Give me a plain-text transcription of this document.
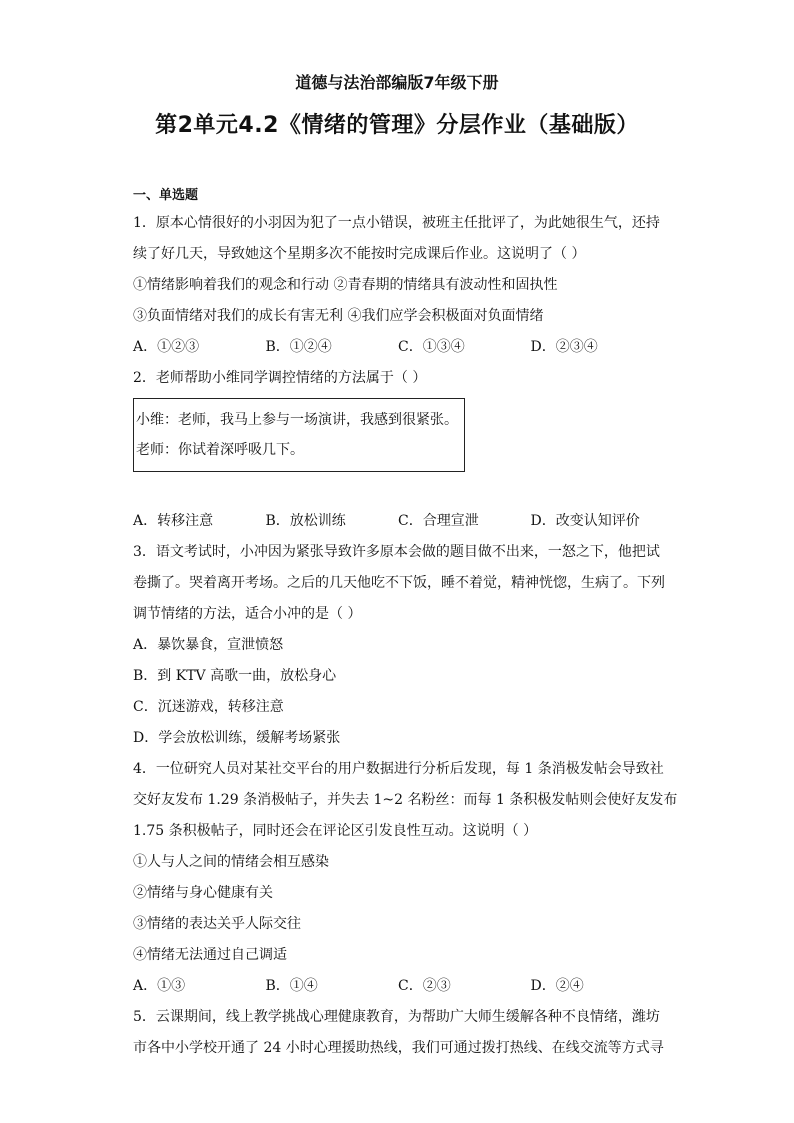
道德与法治部编版7年级下册
第2单元4.2《情绪的管理》分层作业（基础版）
一、单选题
1．原本心情很好的小羽因为犯了一点小错误，被班主任批评了，为此她很生气，还持
续了好几天，导致她这个星期多次不能按时完成课后作业。这说明了（ ）
①情绪影响着我们的观念和行动 ②青春期的情绪具有波动性和固执性
③负面情绪对我们的成长有害无利 ④我们应学会积极面对负面情绪
A．①②③	B．①②④	C．①③④	D．②③④
2．老师帮助小维同学调控情绪的方法属于（ ）
小维：老师，我马上参与一场演讲，我感到很紧张。
老师：你试着深呼吸几下。
A．转移注意	B．放松训练	C．合理宣泄	D．改变认知评价
3．语文考试时，小冲因为紧张导致许多原本会做的题目做不出来，一怒之下，他把试
卷撕了。哭着离开考场。之后的几天他吃不下饭，睡不着觉，精神恍惚，生病了。下列
调节情绪的方法，适合小冲的是（ ）
A．暴饮暴食，宣泄愤怒
B．到 KTV 高歌一曲，放松身心
C．沉迷游戏，转移注意
D．学会放松训练，缓解考场紧张
4．一位研究人员对某社交平台的用户数据进行分析后发现，每 1 条消极发帖会导致社
交好友发布 1.29 条消极帖子，并失去 1~2 名粉丝：而每 1 条积极发帖则会使好友发布
1.75 条积极帖子，同时还会在评论区引发良性互动。这说明（ ）
①人与人之间的情绪会相互感染
②情绪与身心健康有关
③情绪的表达关乎人际交往
④情绪无法通过自己调适
A．①③	B．①④	C．②③	D．②④
5．云课期间，线上教学挑战心理健康教育，为帮助广大师生缓解各种不良情绪，潍坊
市各中小学校开通了 24 小时心理援助热线，我们可通过拨打热线、在线交流等方式寻
